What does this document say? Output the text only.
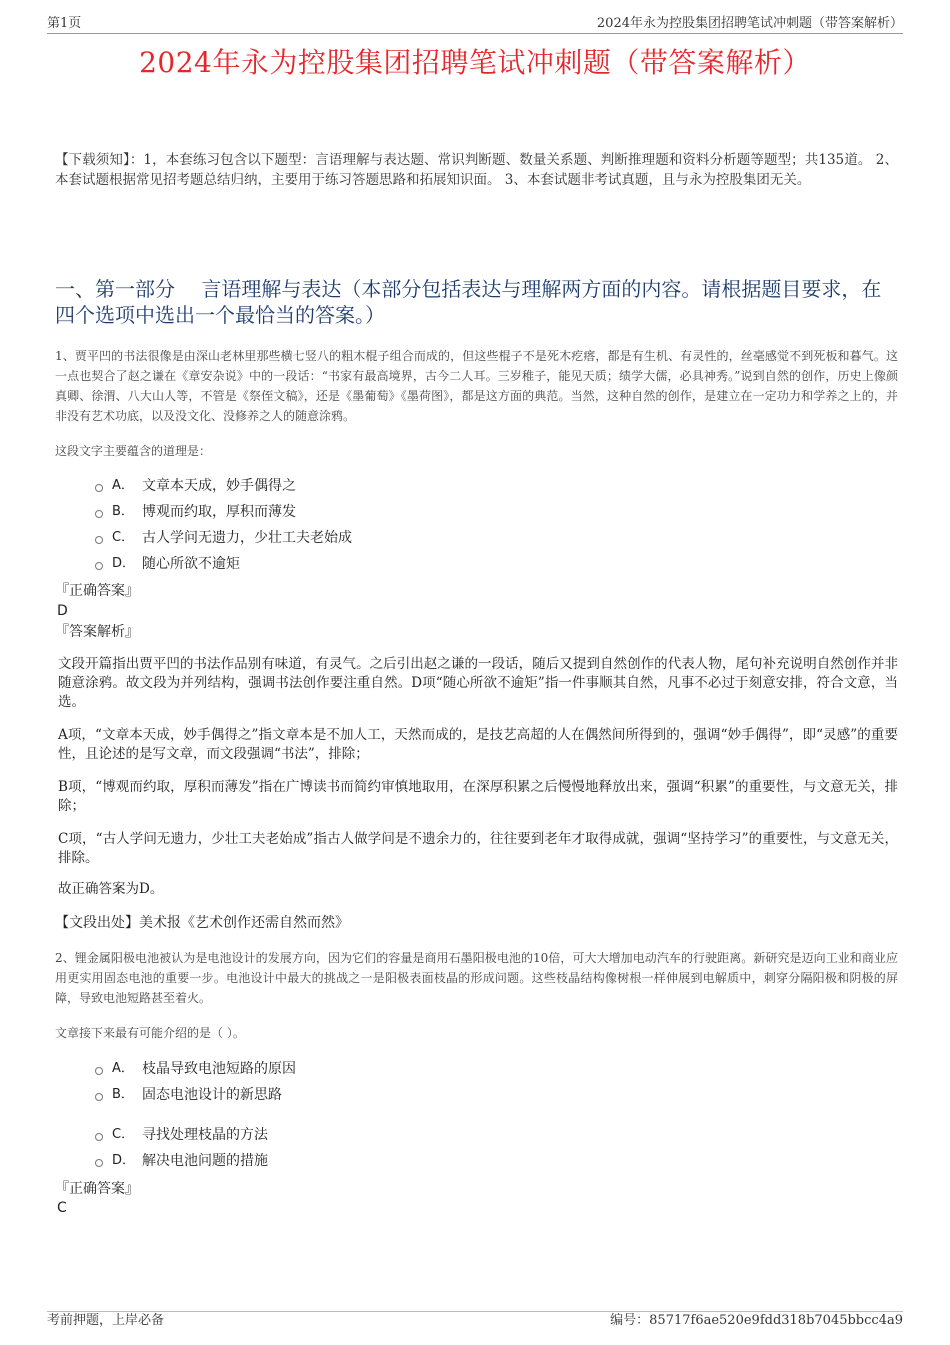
第1页	2024年永为控股集团招聘笔试冲刺题（带答案解析）
2024年永为控股集团招聘笔试冲刺题（带答案解析）
【下载须知】：1，本套练习包含以下题型：言语理解与表达题、常识判断题、数量关系题、判断推理题和资料分析题等题型；共135道。 2、本套试题根据常见招考题总结归纳，主要用于练习答题思路和拓展知识面。 3、本套试题非考试真题，且与永为控股集团无关。
一、第一部分　 言语理解与表达（本部分包括表达与理解两方面的内容。请根据题目要求，在四个选项中选出一个最恰当的答案。）
1、贾平凹的书法很像是由深山老林里那些横七竖八的粗木棍子组合而成的，但这些棍子不是死木疙瘩，都是有生机、有灵性的，丝毫感觉不到死板和暮气。这一点也契合了赵之谦在《章安杂说》中的一段话：“书家有最高境界，古今二人耳。三岁稚子，能见天质；绩学大儒，必具神秀。”说到自然的创作，历史上像颜真卿、徐渭、八大山人等，不管是《祭侄文稿》，还是《墨葡萄》《墨荷图》，都是这方面的典范。当然，这种自然的创作，是建立在一定功力和学养之上的，并非没有艺术功底，以及没文化、没修养之人的随意涂鸦。
这段文字主要蕴含的道理是：
A． 文章本天成，妙手偶得之
B． 博观而约取，厚积而薄发
C． 古人学问无遗力，少壮工夫老始成
D． 随心所欲不逾矩
『正确答案』
D
『答案解析』
文段开篇指出贾平凹的书法作品别有味道，有灵气。之后引出赵之谦的一段话，随后又提到自然创作的代表人物，尾句补充说明自然创作并非随意涂鸦。故文段为并列结构，强调书法创作要注重自然。D项“随心所欲不逾矩”指一件事顺其自然，凡事不必过于刻意安排，符合文意，当选。
A项，“文章本天成，妙手偶得之”指文章本是不加人工，天然而成的，是技艺高超的人在偶然间所得到的，强调“妙手偶得”，即“灵感”的重要性，且论述的是写文章，而文段强调“书法”，排除；
B项，“博观而约取，厚积而薄发”指在广博读书而简约审慎地取用，在深厚积累之后慢慢地释放出来，强调“积累”的重要性，与文意无关，排除；
C项，“古人学问无遗力，少壮工夫老始成”指古人做学问是不遗余力的，往往要到老年才取得成就，强调“坚持学习”的重要性，与文意无关，排除。
故正确答案为D。
【文段出处】美术报《艺术创作还需自然而然》
2、锂金属阳极电池被认为是电池设计的发展方向，因为它们的容量是商用石墨阳极电池的10倍，可大大增加电动汽车的行驶距离。新研究是迈向工业和商业应用更实用固态电池的重要一步。电池设计中最大的挑战之一是阳极表面枝晶的形成问题。这些枝晶结构像树根一样伸展到电解质中，刺穿分隔阳极和阴极的屏障，导致电池短路甚至着火。
文章接下来最有可能介绍的是（ ）。
A． 枝晶导致电池短路的原因
B． 固态电池设计的新思路
C． 寻找处理枝晶的方法
D． 解决电池问题的措施
『正确答案』
C
考前押题，上岸必备	编号：85717f6ae520e9fdd318b7045bbcc4a9
